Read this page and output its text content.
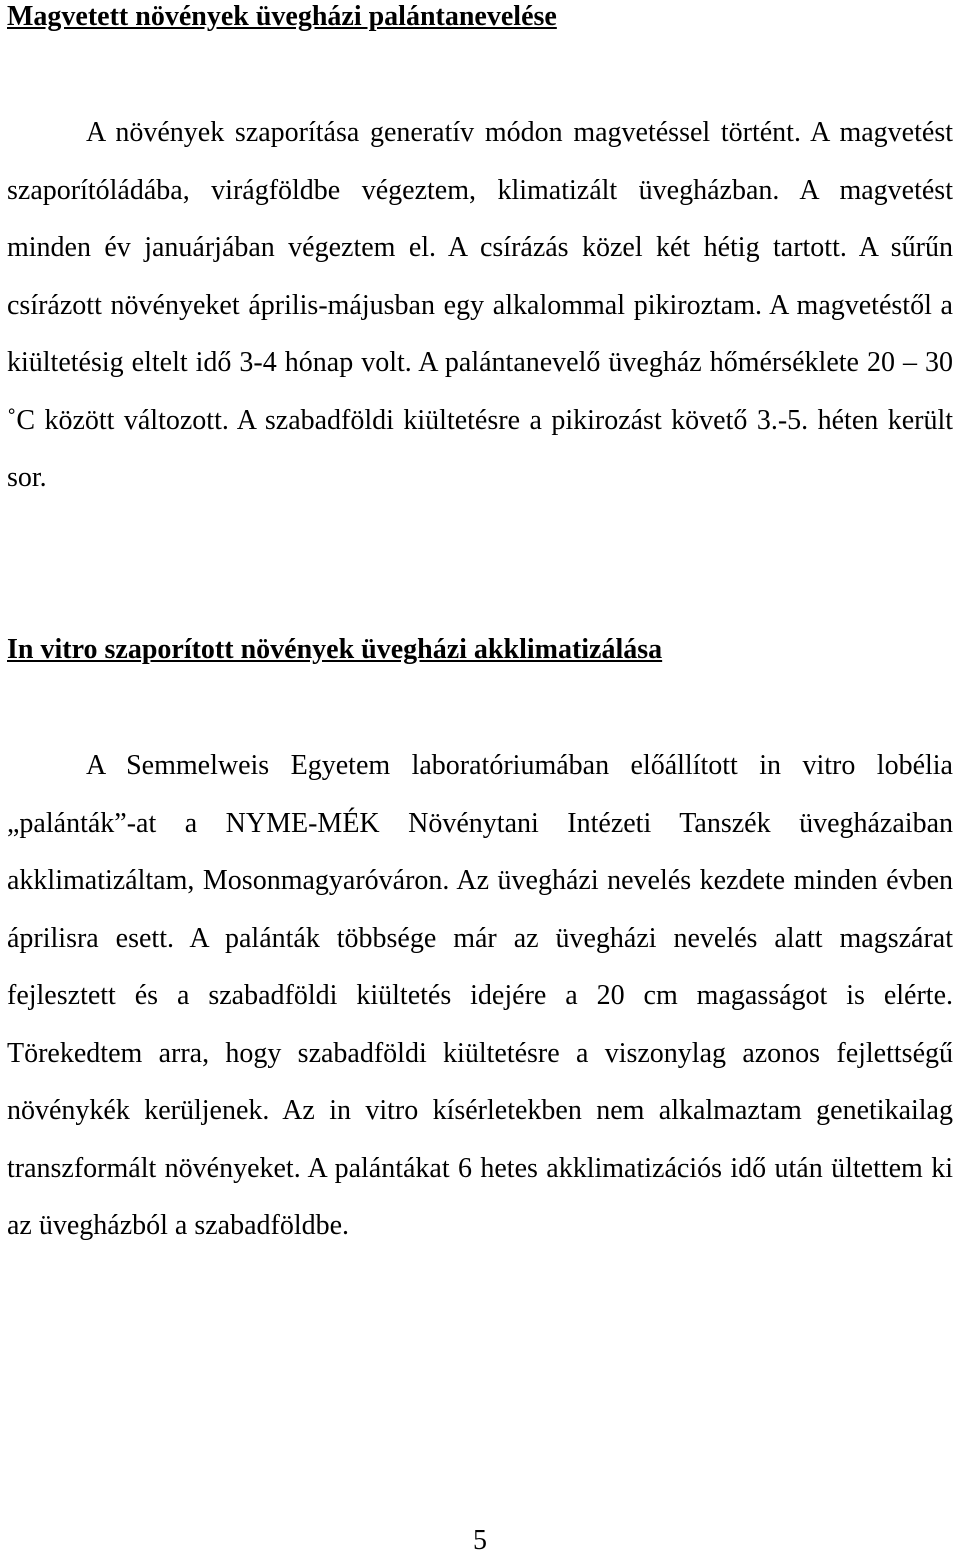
Magvetett növények üvegházi palántanevelése

A növények szaporítása generatív módon magvetéssel történt. A magvetést szaporítóládába, virágföldbe végeztem, klimatizált üvegházban. A magvetést minden év januárjában végeztem el. A csírázás közel két hétig tartott. A sűrűn csírázott növényeket április-májusban egy alkalommal pikiroztam. A magvetéstől a kiültetésig eltelt idő 3-4 hónap volt. A palántanevelő üvegház hőmérséklete 20 – 30 ˚C között változott. A szabadföldi kiültetésre a pikirozást követő 3.-5. héten került sor.

In vitro szaporított növények üvegházi akklimatizálása

A Semmelweis Egyetem laboratóriumában előállított in vitro lobélia „palánták”-at a NYME-MÉK Növénytani Intézeti Tanszék üvegházaiban akklimatizáltam, Mosonmagyaróváron. Az üvegházi nevelés kezdete minden évben áprilisra esett. A palánták többsége már az üvegházi nevelés alatt magszárat fejlesztett és a szabadföldi kiültetés idejére a 20 cm magasságot is elérte. Törekedtem arra, hogy szabadföldi kiültetésre a viszonylag azonos fejlettségű növénykék kerüljenek. Az in vitro kísérletekben nem alkalmaztam genetikailag transzformált növényeket. A palántákat 6 hetes akklimatizációs idő után ültettem ki az üvegházból a szabadföldbe.

5
